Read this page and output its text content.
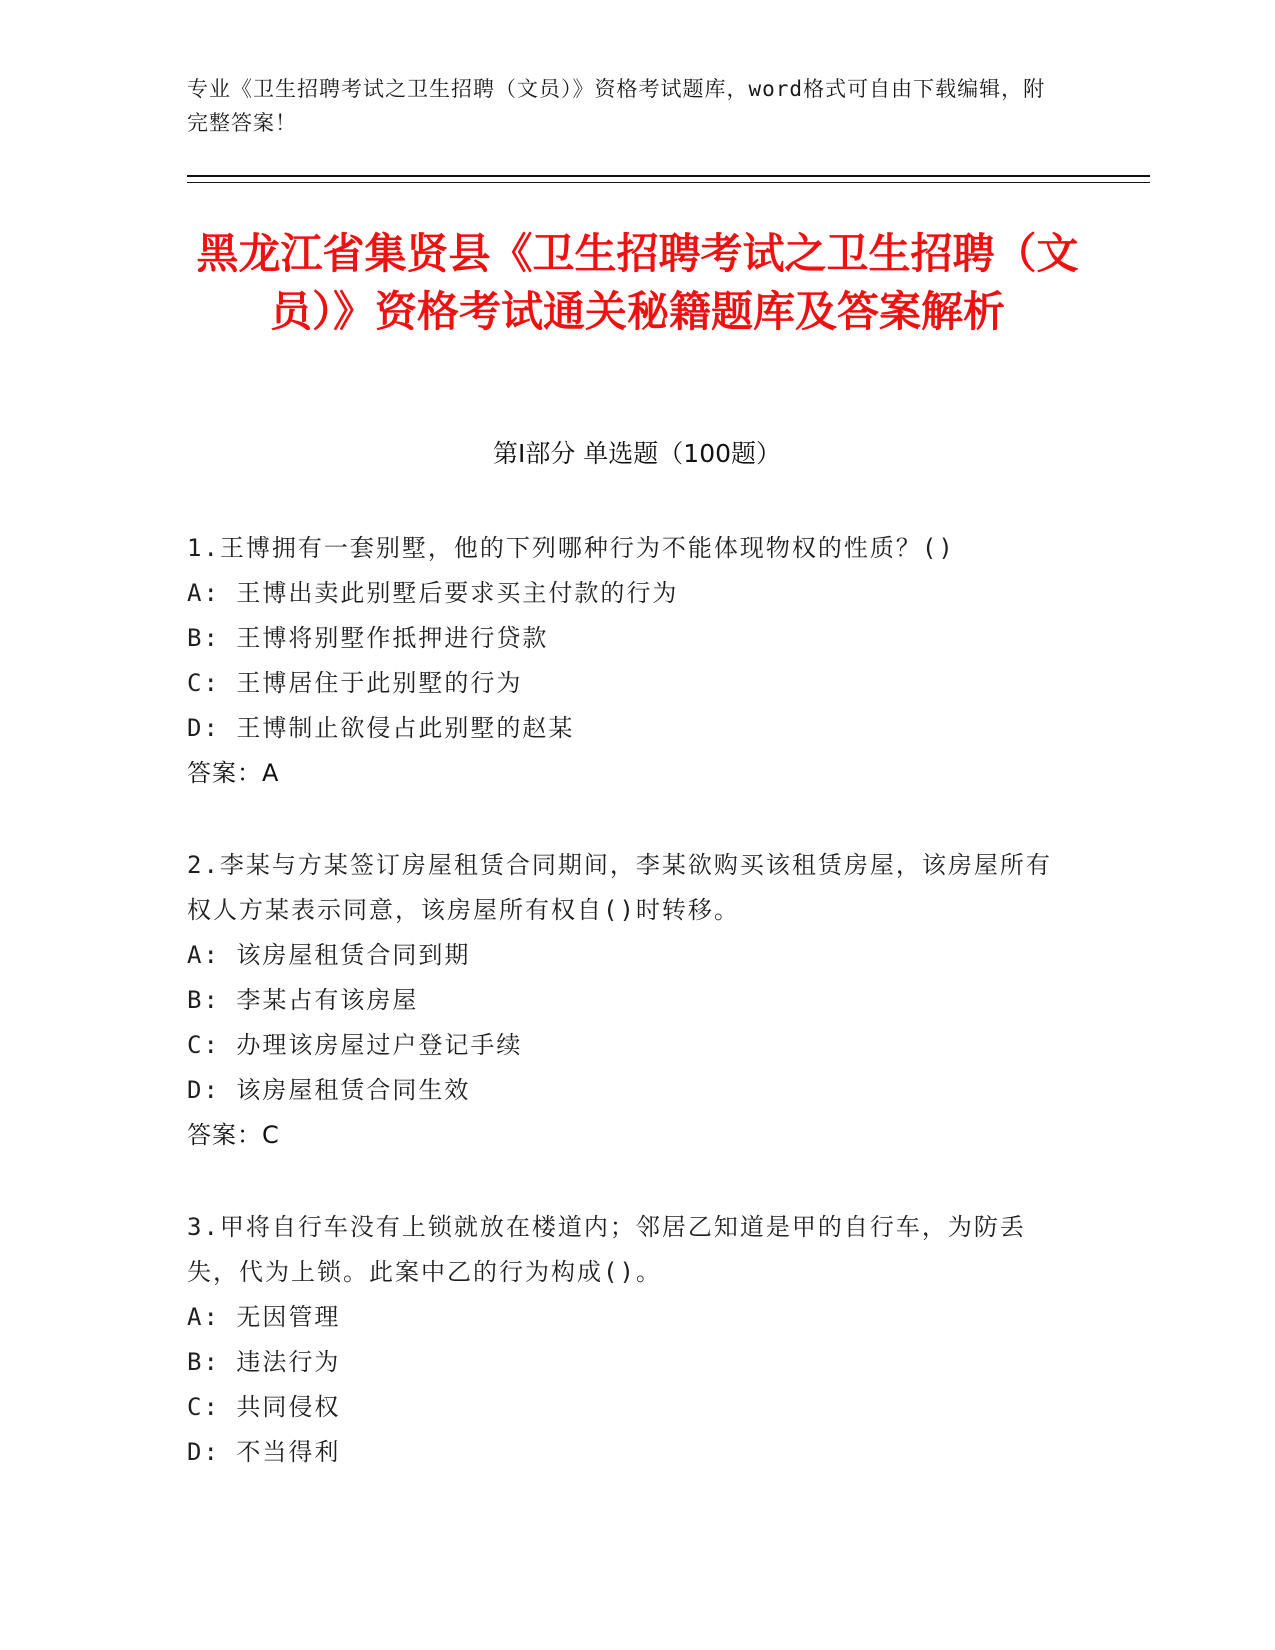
专业《卫生招聘考试之卫生招聘（文员）》资格考试题库，word格式可自由下载编辑，附完整答案！
黑龙江省集贤县《卫生招聘考试之卫生招聘（文员）》资格考试通关秘籍题库及答案解析
第I部分 单选题（100题）

1.王博拥有一套别墅，他的下列哪种行为不能体现物权的性质？()

A: 王博出卖此别墅后要求买主付款的行为

B: 王博将别墅作抵押进行贷款

C: 王博居住于此别墅的行为

D: 王博制止欲侵占此别墅的赵某

答案：A

2.李某与方某签订房屋租赁合同期间，李某欲购买该租赁房屋，该房屋所有权人方某表示同意，该房屋所有权自()时转移。

A: 该房屋租赁合同到期

B: 李某占有该房屋

C: 办理该房屋过户登记手续

D: 该房屋租赁合同生效

答案：C

3.甲将自行车没有上锁就放在楼道内；邻居乙知道是甲的自行车，为防丢失，代为上锁。此案中乙的行为构成()。

A: 无因管理

B: 违法行为

C: 共同侵权

D: 不当得利
